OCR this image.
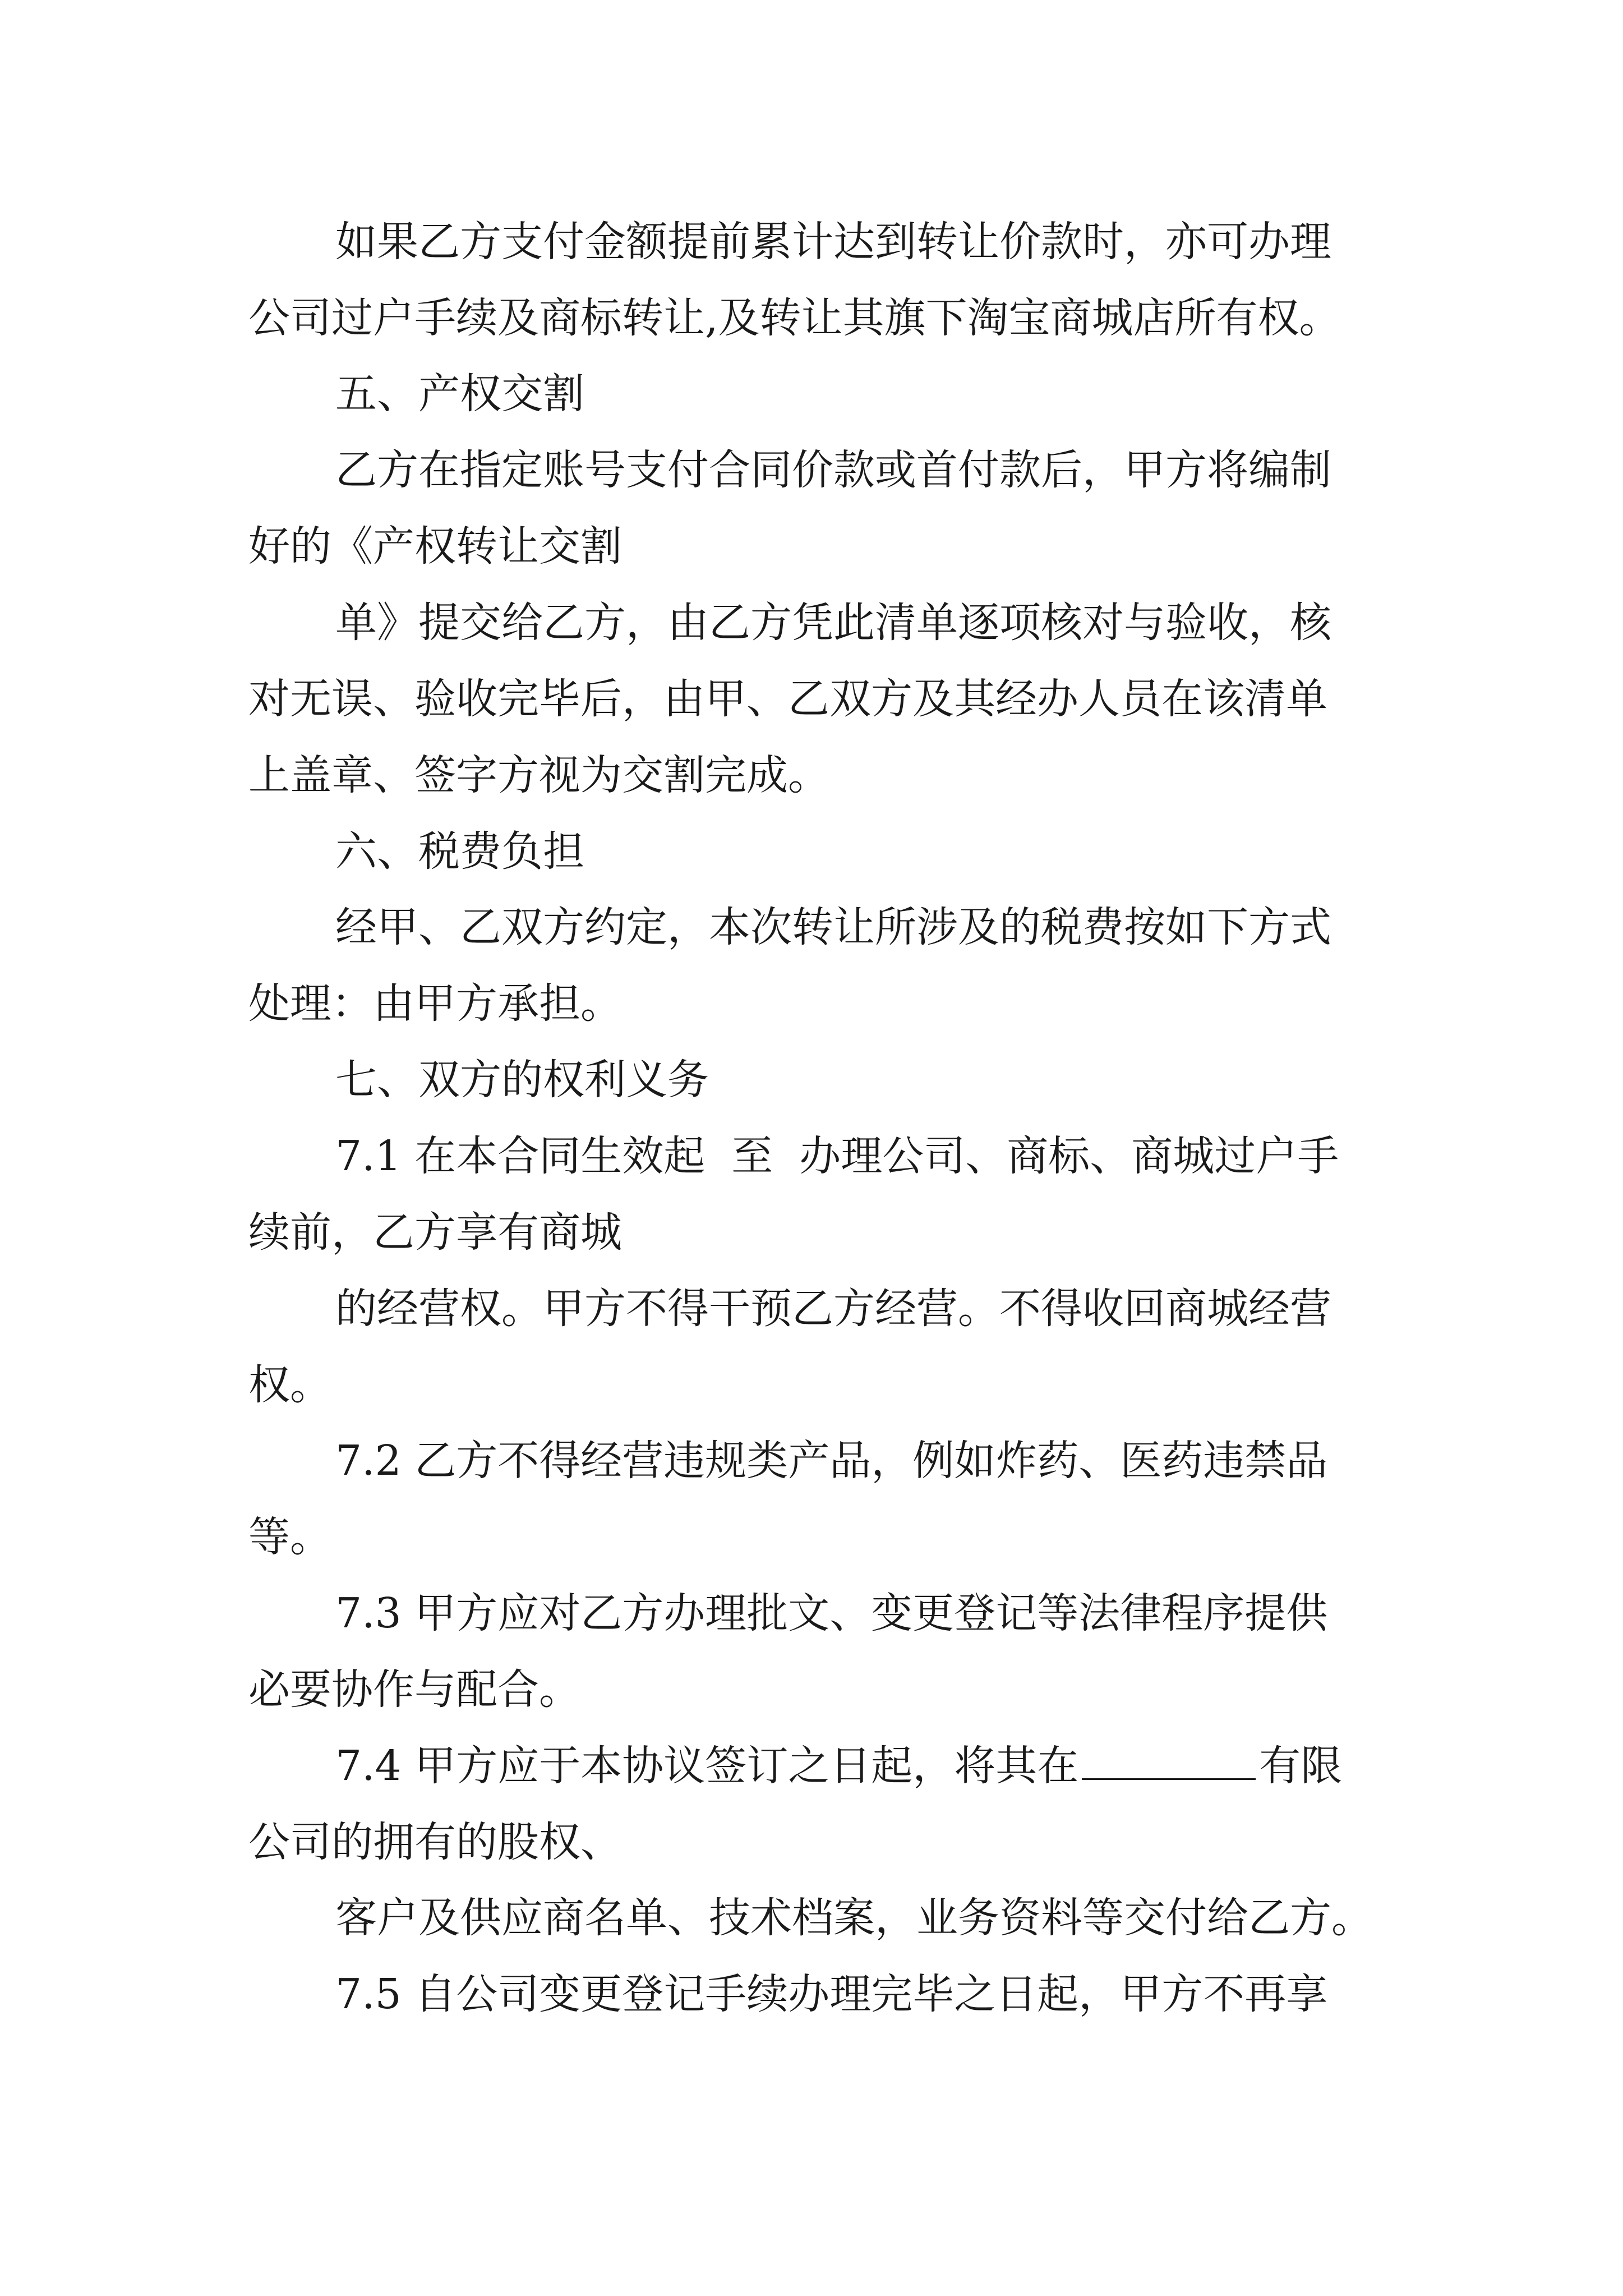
如果乙方支付金额提前累计达到转让价款时，亦可办理

公司过户手续及商标转让,及转让其旗下淘宝商城店所有权。

五、产权交割

乙方在指定账号支付合同价款或首付款后，甲方将编制

好的《产权转让交割

单》提交给乙方，由乙方凭此清单逐项核对与验收，核

对无误、验收完毕后，由甲、乙双方及其经办人员在该清单

上盖章、签字方视为交割完成。

六、税费负担

经甲、乙双方约定，本次转让所涉及的税费按如下方式

处理：由甲方承担。

七、双方的权利义务

7.1 在本合同生效起  至  办理公司、商标、商城过户手

续前，乙方享有商城

的经营权。甲方不得干预乙方经营。不得收回商城经营

权。

7.2 乙方不得经营违规类产品，例如炸药、医药违禁品

等。

7.3 甲方应对乙方办理批文、变更登记等法律程序提供

必要协作与配合。

7.4 甲方应于本协议签订之日起，将其在	有限

公司的拥有的股权、

客户及供应商名单、技术档案，业务资料等交付给乙方。

7.5 自公司变更登记手续办理完毕之日起，甲方不再享
